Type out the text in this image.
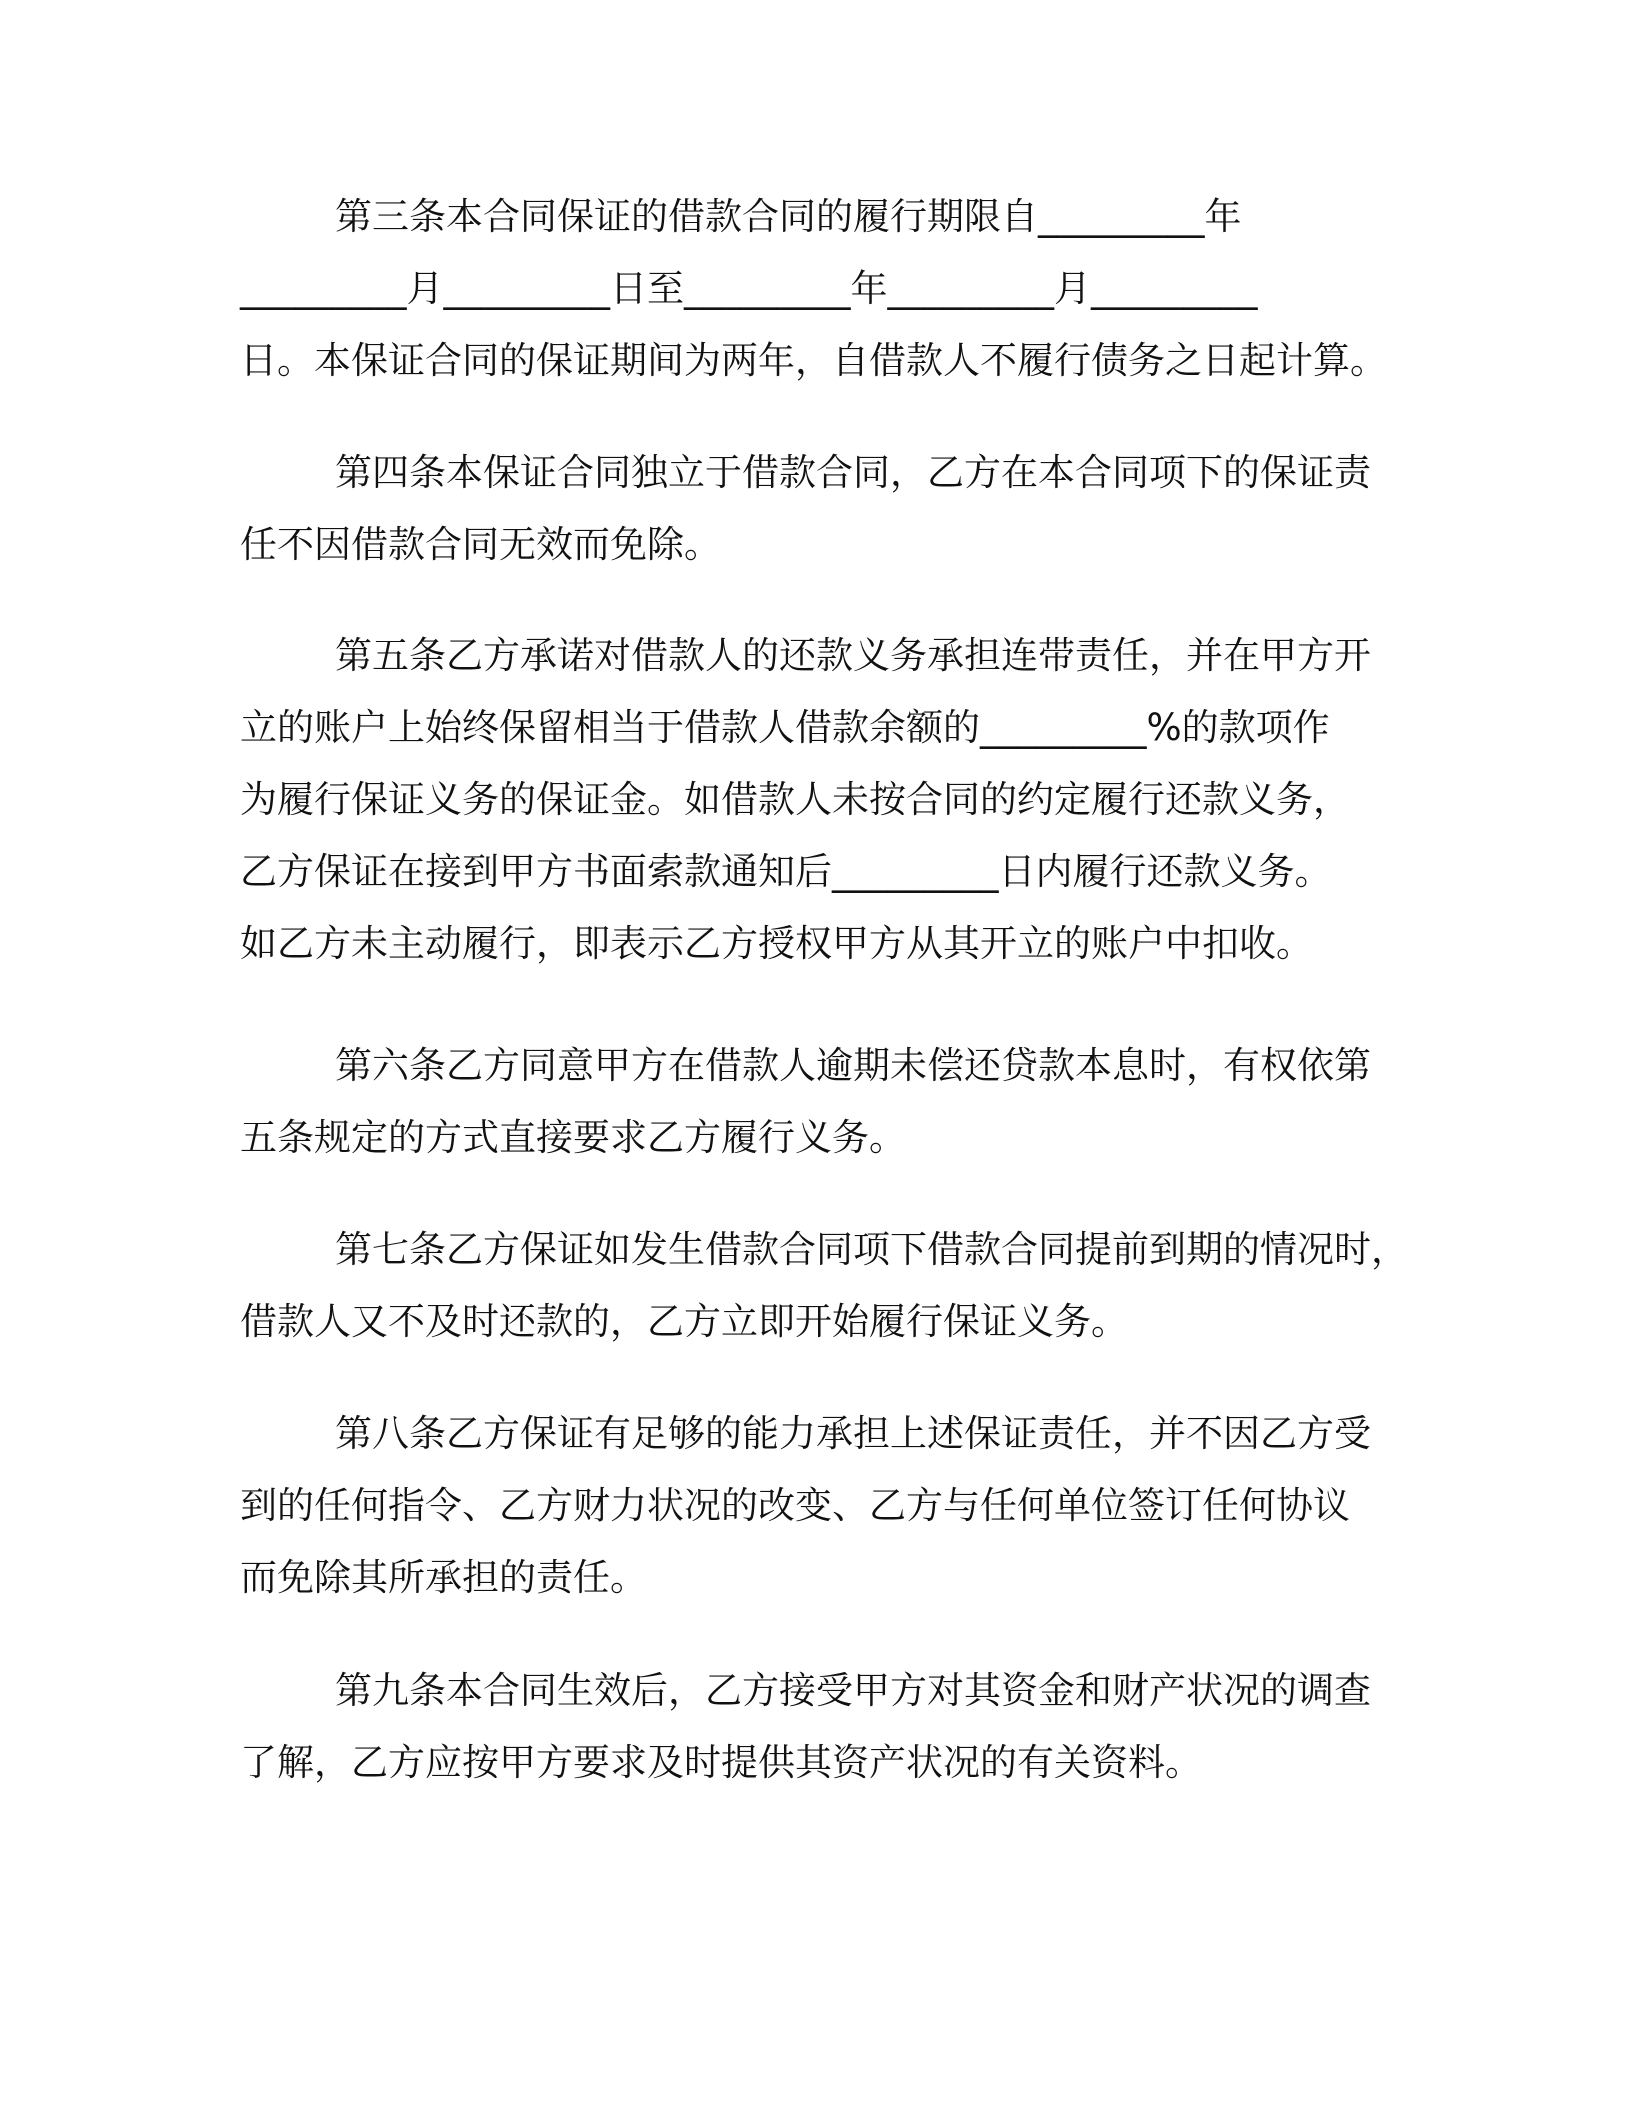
第三条本合同保证的借款合同的履行期限自_________年
_________月_________日至_________年_________月_________
日。本保证合同的保证期间为两年，自借款人不履行债务之日起计算。
第四条本保证合同独立于借款合同，乙方在本合同项下的保证责
任不因借款合同无效而免除。
第五条乙方承诺对借款人的还款义务承担连带责任，并在甲方开
立的账户上始终保留相当于借款人借款余额的_________%的款项作
为履行保证义务的保证金。如借款人未按合同的约定履行还款义务，
乙方保证在接到甲方书面索款通知后_________日内履行还款义务。
如乙方未主动履行，即表示乙方授权甲方从其开立的账户中扣收。
第六条乙方同意甲方在借款人逾期未偿还贷款本息时，有权依第
五条规定的方式直接要求乙方履行义务。
第七条乙方保证如发生借款合同项下借款合同提前到期的情况时，
借款人又不及时还款的，乙方立即开始履行保证义务。
第八条乙方保证有足够的能力承担上述保证责任，并不因乙方受
到的任何指令、乙方财力状况的改变、乙方与任何单位签订任何协议
而免除其所承担的责任。
第九条本合同生效后，乙方接受甲方对其资金和财产状况的调查
了解，乙方应按甲方要求及时提供其资产状况的有关资料。
